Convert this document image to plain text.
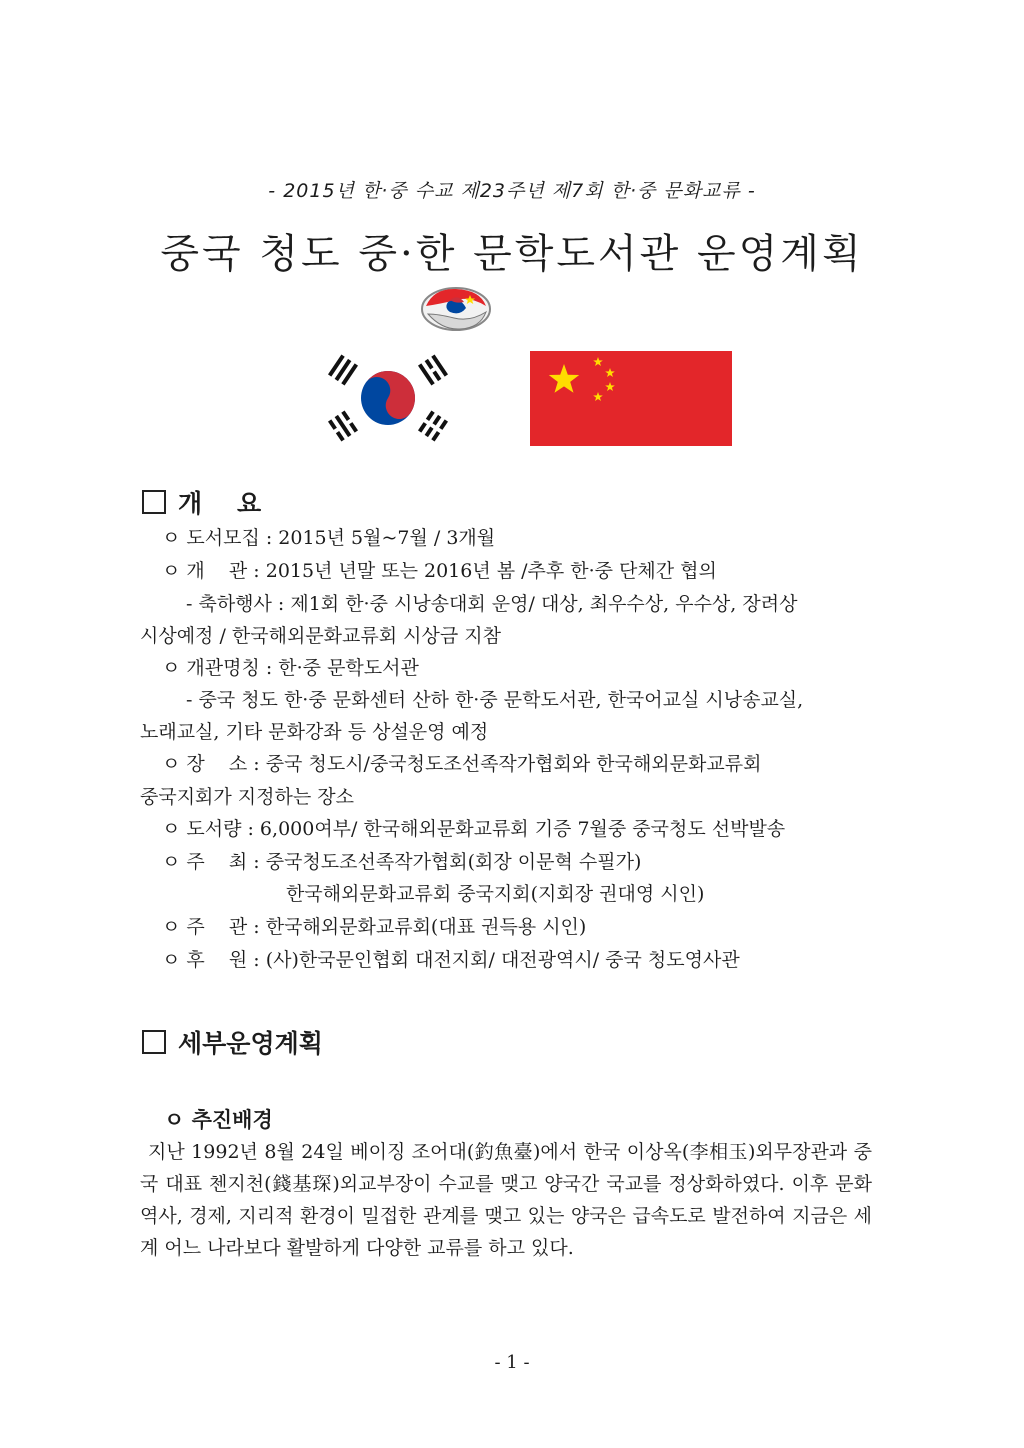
- 2015년 한·중 수교 제23주년 제7회 한·중 문화교류 -
중국 청도 중·한 문학도서관 운영계획
개    요
ㅇ 도서모집 : 2015년 5월~7월 / 3개월
ㅇ 개    관 : 2015년 년말 또는 2016년 봄 /추후 한·중 단체간 협의
- 축하행사 : 제1회 한·중 시낭송대회 운영/ 대상, 최우수상, 우수상, 장려상
시상예정 / 한국해외문화교류회 시상금 지참
ㅇ 개관명칭 : 한·중 문학도서관
- 중국 청도 한·중 문화센터 산하 한·중 문학도서관, 한국어교실 시낭송교실,
노래교실, 기타 문화강좌 등 상설운영 예정
ㅇ 장    소 : 중국 청도시/중국청도조선족작가협회와 한국해외문화교류회
중국지회가 지정하는 장소
ㅇ 도서량 : 6,000여부/ 한국해외문화교류회 기증 7월중 중국청도 선박발송
ㅇ 주    최 : 중국청도조선족작가협회(회장 이문혁 수필가)
한국해외문화교류회 중국지회(지회장 권대영 시인)
ㅇ 주    관 : 한국해외문화교류회(대표 권득용 시인)
ㅇ 후    원 : (사)한국문인협회 대전지회/ 대전광역시/ 중국 청도영사관
세부운영계획
ㅇ 추진배경
지난 1992년 8월 24일 베이징 조어대(釣魚臺)에서 한국 이상옥(李相玉)외무장관과 중국 대표 첸지천(錢基琛)외교부장이 수교를 맺고 양국간 국교를 정상화하였다. 이후 문화 역사, 경제, 지리적 환경이 밀접한 관계를 맺고 있는 양국은 급속도로 발전하여 지금은 세계 어느 나라보다 활발하게 다양한 교류를 하고 있다.
- 1 -
